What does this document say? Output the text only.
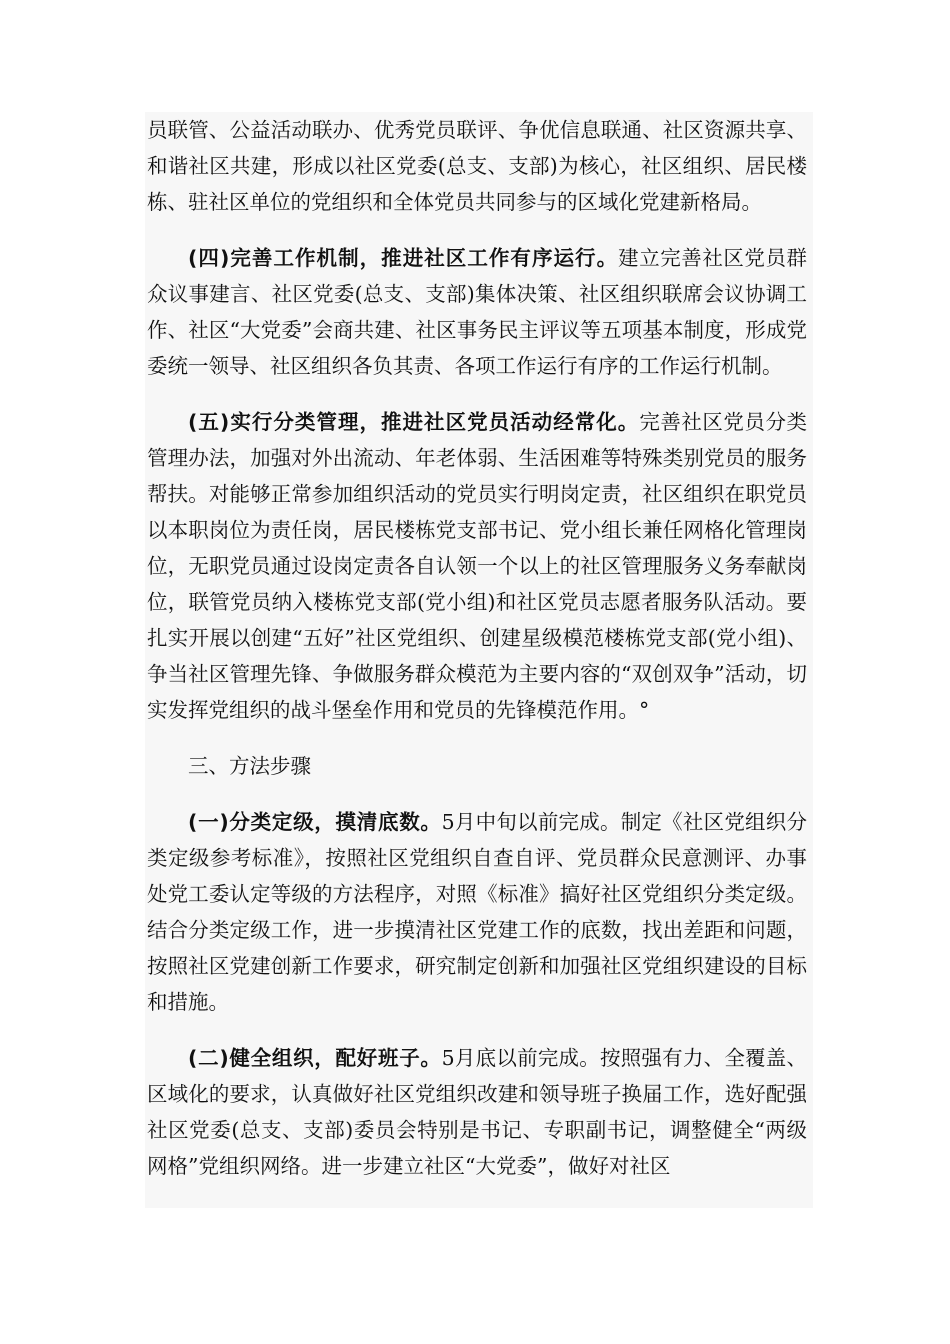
员联管、公益活动联办、优秀党员联评、争优信息联通、社区资源共享、和谐社区共建，形成以社区党委(总支、支部)为核心，社区组织、居民楼栋、驻社区单位的党组织和全体党员共同参与的区域化党建新格局。

(四)完善工作机制，推进社区工作有序运行。建立完善社区党员群众议事建言、社区党委(总支、支部)集体决策、社区组织联席会议协调工作、社区“大党委”会商共建、社区事务民主评议等五项基本制度，形成党委统一领导、社区组织各负其责、各项工作运行有序的工作运行机制。

(五)实行分类管理，推进社区党员活动经常化。完善社区党员分类管理办法，加强对外出流动、年老体弱、生活困难等特殊类别党员的服务帮扶。对能够正常参加组织活动的党员实行明岗定责，社区组织在职党员以本职岗位为责任岗，居民楼栋党支部书记、党小组长兼任网格化管理岗位，无职党员通过设岗定责各自认领一个以上的社区管理服务义务奉献岗位，联管党员纳入楼栋党支部(党小组)和社区党员志愿者服务队活动。要扎实开展以创建“五好”社区党组织、创建星级模范楼栋党支部(党小组)、争当社区管理先锋、争做服务群众模范为主要内容的“双创双争”活动，切实发挥党组织的战斗堡垒作用和党员的先锋模范作用。°

三、方法步骤

(一)分类定级，摸清底数。5月中旬以前完成。制定《社区党组织分类定级参考标准》，按照社区党组织自查自评、党员群众民意测评、办事处党工委认定等级的方法程序，对照《标准》搞好社区党组织分类定级。结合分类定级工作，进一步摸清社区党建工作的底数，找出差距和问题，按照社区党建创新工作要求，研究制定创新和加强社区党组织建设的目标和措施。

(二)健全组织，配好班子。5月底以前完成。按照强有力、全覆盖、区域化的要求，认真做好社区党组织改建和领导班子换届工作，选好配强社区党委(总支、支部)委员会特别是书记、专职副书记，调整健全“两级网格”党组织网络。进一步建立社区“大党委”，做好对社区
